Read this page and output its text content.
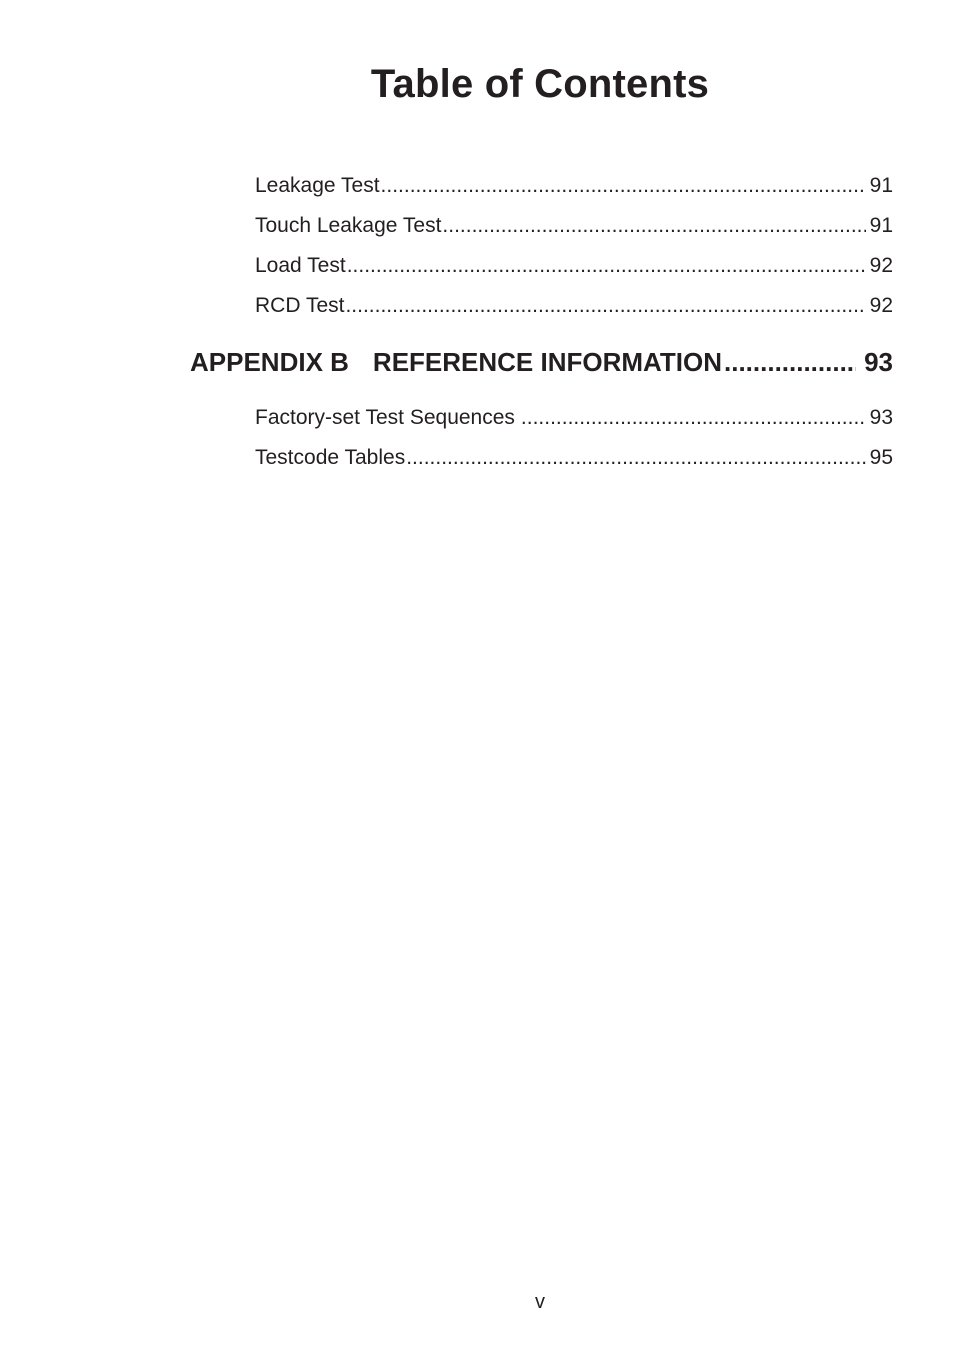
Table of Contents
Leakage Test .....	91
Touch Leakage Test .....	91
Load Test .....	92
RCD Test .....	92
APPENDIX B REFERENCE INFORMATION .....	93
Factory-set Test Sequences .....	93
Testcode Tables .....	95
v
